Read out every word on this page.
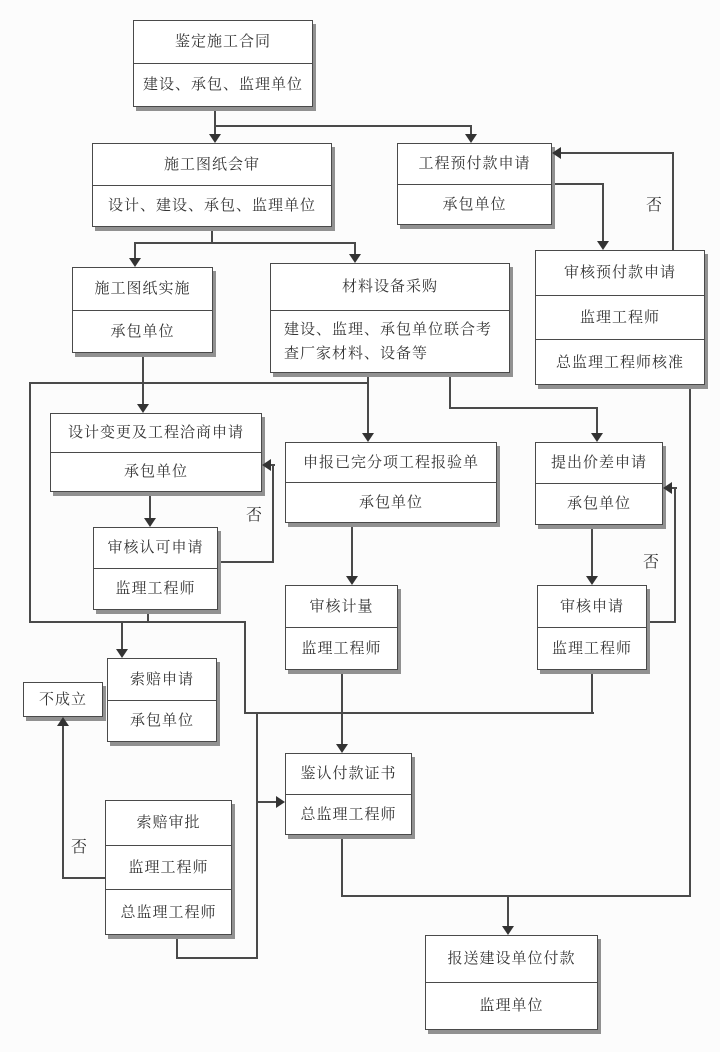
鉴定施工合同
建设、承包、监理单位
施工图纸会审
设计、建设、承包、监理单位
工程预付款申请
承包单位
施工图纸实施
承包单位
材料设备采购
建设、监理、承包单位联合考查厂家材料、设备等
审核预付款申请
监理工程师
总监理工程师核准
设计变更及工程洽商申请
承包单位
申报已完分项工程报验单
承包单位
提出价差申请
承包单位
审核认可申请
监理工程师
审核计量
监理工程师
审核申请
监理工程师
不成立
索赔申请
承包单位
鉴认付款证书
总监理工程师
索赔审批
监理工程师
总监理工程师
报送建设单位付款
监理单位
否
否
否
否
